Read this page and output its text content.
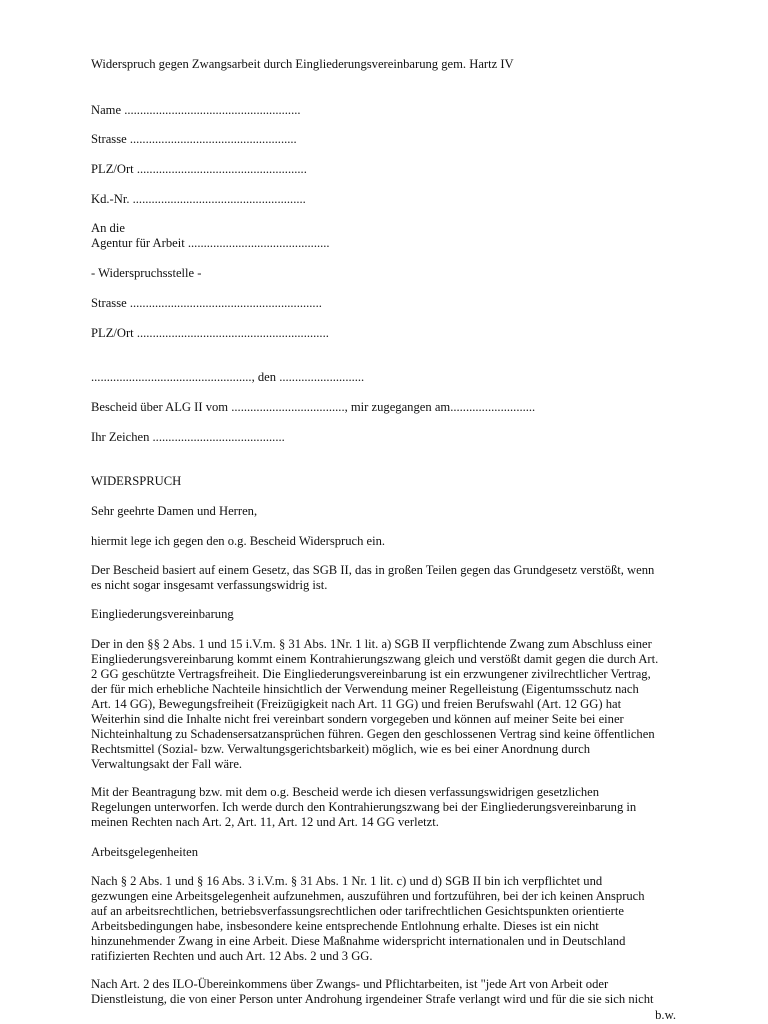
Widerspruch gegen Zwangsarbeit durch Eingliederungsvereinbarung gem. Hartz IV

Name ........................................................

Strasse .....................................................

PLZ/Ort ......................................................

Kd.-Nr. .......................................................

An die

Agentur für Arbeit .............................................

- Widerspruchsstelle -

Strasse .............................................................

PLZ/Ort .............................................................

..................................................., den ...........................

Bescheid über ALG II vom ...................................., mir zugegangen am...........................

Ihr Zeichen ..........................................

WIDERSPRUCH

Sehr geehrte Damen und Herren,

hiermit lege ich gegen den o.g. Bescheid Widerspruch ein.

Der Bescheid basiert auf einem Gesetz, das SGB II, das in großen Teilen gegen das Grundgesetz verstößt, wenn
es nicht sogar insgesamt verfassungswidrig ist.

Eingliederungsvereinbarung

Der in den §§ 2 Abs. 1 und 15 i.V.m. § 31 Abs. 1Nr. 1 lit. a) SGB II verpflichtende Zwang zum Abschluss einer
Eingliederungsvereinbarung kommt einem Kontrahierungszwang gleich und verstößt damit gegen die durch Art.
2 GG geschützte Vertragsfreiheit. Die Eingliederungsvereinbarung ist ein erzwungener zivilrechtlicher Vertrag,
der für mich erhebliche Nachteile hinsichtlich der Verwendung meiner Regelleistung (Eigentumsschutz nach
Art. 14 GG), Bewegungsfreiheit (Freizügigkeit nach Art. 11 GG) und freien Berufswahl (Art. 12 GG) hat
Weiterhin sind die Inhalte nicht frei vereinbart sondern vorgegeben und können auf meiner Seite bei einer
Nichteinhaltung zu Schadensersatzansprüchen führen. Gegen den geschlossenen Vertrag sind keine öffentlichen
Rechtsmittel (Sozial- bzw. Verwaltungsgerichtsbarkeit) möglich, wie es bei einer Anordnung durch
Verwaltungsakt der Fall wäre.
Mit der Beantragung bzw. mit dem o.g. Bescheid werde ich diesen verfassungswidrigen gesetzlichen
Regelungen unterworfen. Ich werde durch den Kontrahierungszwang bei der Eingliederungsvereinbarung in
meinen Rechten nach Art. 2, Art. 11, Art. 12 und Art. 14 GG verletzt.

Arbeitsgelegenheiten

Nach § 2 Abs. 1 und § 16 Abs. 3 i.V.m. § 31 Abs. 1 Nr. 1 lit. c) und d) SGB II bin ich verpflichtet und
gezwungen eine Arbeitsgelegenheit aufzunehmen, auszuführen und fortzuführen, bei der ich keinen Anspruch
auf an arbeitsrechtlichen, betriebsverfassungsrechtlichen oder tarifrechtlichen Gesichtspunkten orientierte
Arbeitsbedingungen habe, insbesondere keine entsprechende Entlohnung erhalte. Dieses ist ein nicht
hinzunehmender Zwang in eine Arbeit. Diese Maßnahme widerspricht internationalen und in Deutschland
ratifizierten Rechten und auch Art. 12 Abs. 2 und 3 GG.
Nach Art. 2 des ILO-Übereinkommens über Zwangs- und Pflichtarbeiten, ist "jede Art von Arbeit oder
Dienstleistung, die von einer Person unter Androhung irgendeiner Strafe verlangt wird und für die sie sich nicht

b.w.
